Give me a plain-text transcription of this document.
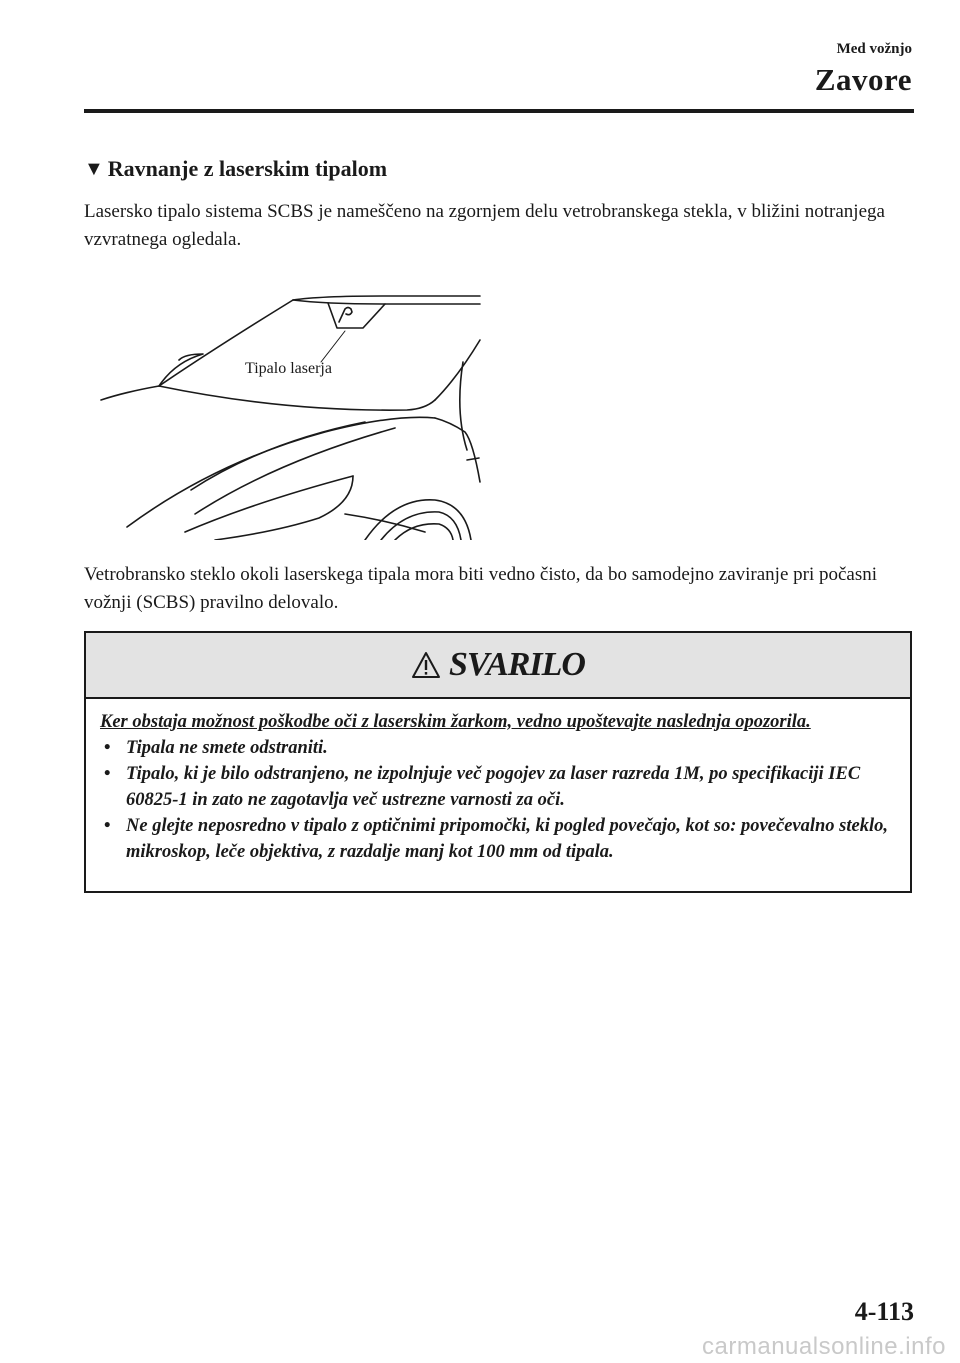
Med vožnjo
Zavore
▼ Ravnanje z laserskim tipalom
Lasersko tipalo sistema SCBS je nameščeno na zgornjem delu vetrobranskega stekla, v bližini notranjega vzvratnega ogledala.
Tipalo laserja
Vetrobransko steklo okoli laserskega tipala mora biti vedno čisto, da bo samodejno zaviranje pri počasni vožnji (SCBS) pravilno delovalo.
SVARILO
Ker obstaja možnost poškodbe oči z laserskim žarkom, vedno upoštevajte naslednja opozorila.
• Tipala ne smete odstraniti.
• Tipalo, ki je bilo odstranjeno, ne izpolnjuje več pogojev za laser razreda 1M, po specifikaciji IEC 60825-1 in zato ne zagotavlja več ustrezne varnosti za oči.
• Ne glejte neposredno v tipalo z optičnimi pripomočki, ki pogled povečajo, kot so: povečevalno steklo, mikroskop, leče objektiva, z razdalje manj kot 100 mm od tipala.
4-113
carmanualsonline.info
